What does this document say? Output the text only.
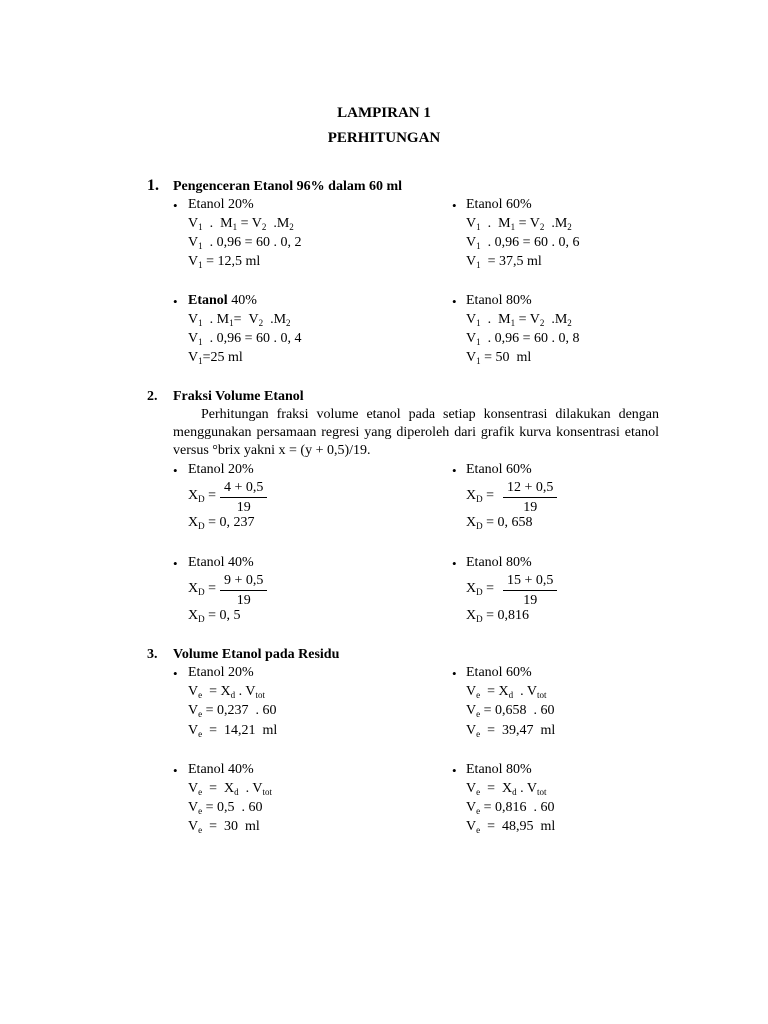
LAMPIRAN 1
PERHITUNGAN
1. Pengenceran Etanol 96% dalam 60 ml
• Etanol 20%
$V_1$  .  $M_1 = V_2$  $.M_2$
$V_1$  . 0,96 = 60 . 0, 2
$V_1 = 12,5$ ml
• Etanol 60%
$V_1$  .  $M_1 = V_2$  $.M_2$
$V_1$  . 0,96 = 60 . 0, 6
$V_1 = 37,5$ ml
• Etanol 40%
$V_1$  . $M_1= V_2$  $.M_2$
$V_1$  . 0,96 = 60 . 0, 4
$V_1=25$ ml
• Etanol 80%
$V_1$  .  $M_1 = V_2$  $.M_2$
$V_1$  . 0,96 = 60 . 0, 8
$V_1 = 50$  ml
2. Fraksi Volume Etanol
Perhitungan fraksi volume etanol pada setiap konsentrasi dilakukan dengan menggunakan persamaan regresi yang diperoleh dari grafik kurva konsentrasi etanol versus °brix yakni x = (y + 0,5)/19.
• Etanol 20%
$X_D = \frac{4 + 0,5}{19}$
$X_D = 0$, 237
• Etanol 60%
$X_D = \frac{12 + 0,5}{19}$
$X_D = 0$, 658
• Etanol 40%
$X_D = \frac{9 + 0,5}{19}$
$X_D = 0$, 5
• Etanol 80%
$X_D = \frac{15 + 0,5}{19}$
$X_D = 0,816$
3. Volume Etanol pada Residu
• Etanol 20%
$V_e = X_d$ . $V_{tot}$
$V_e = 0,237$  . 60
$V_e = 14,21$  ml
• Etanol 60%
$V_e = X_d$  . $V_{tot}$
$V_e = 0,658$  . 60
$V_e = 39,47$  ml
• Etanol 40%
$V_e = X_d$  . $V_{tot}$
$V_e = 0,5$  . 60
$V_e = 30$  ml
• Etanol 80%
$V_e = X_d$ . $V_{tot}$
$V_e = 0,816$  . 60
$V_e = 48,95$  ml
